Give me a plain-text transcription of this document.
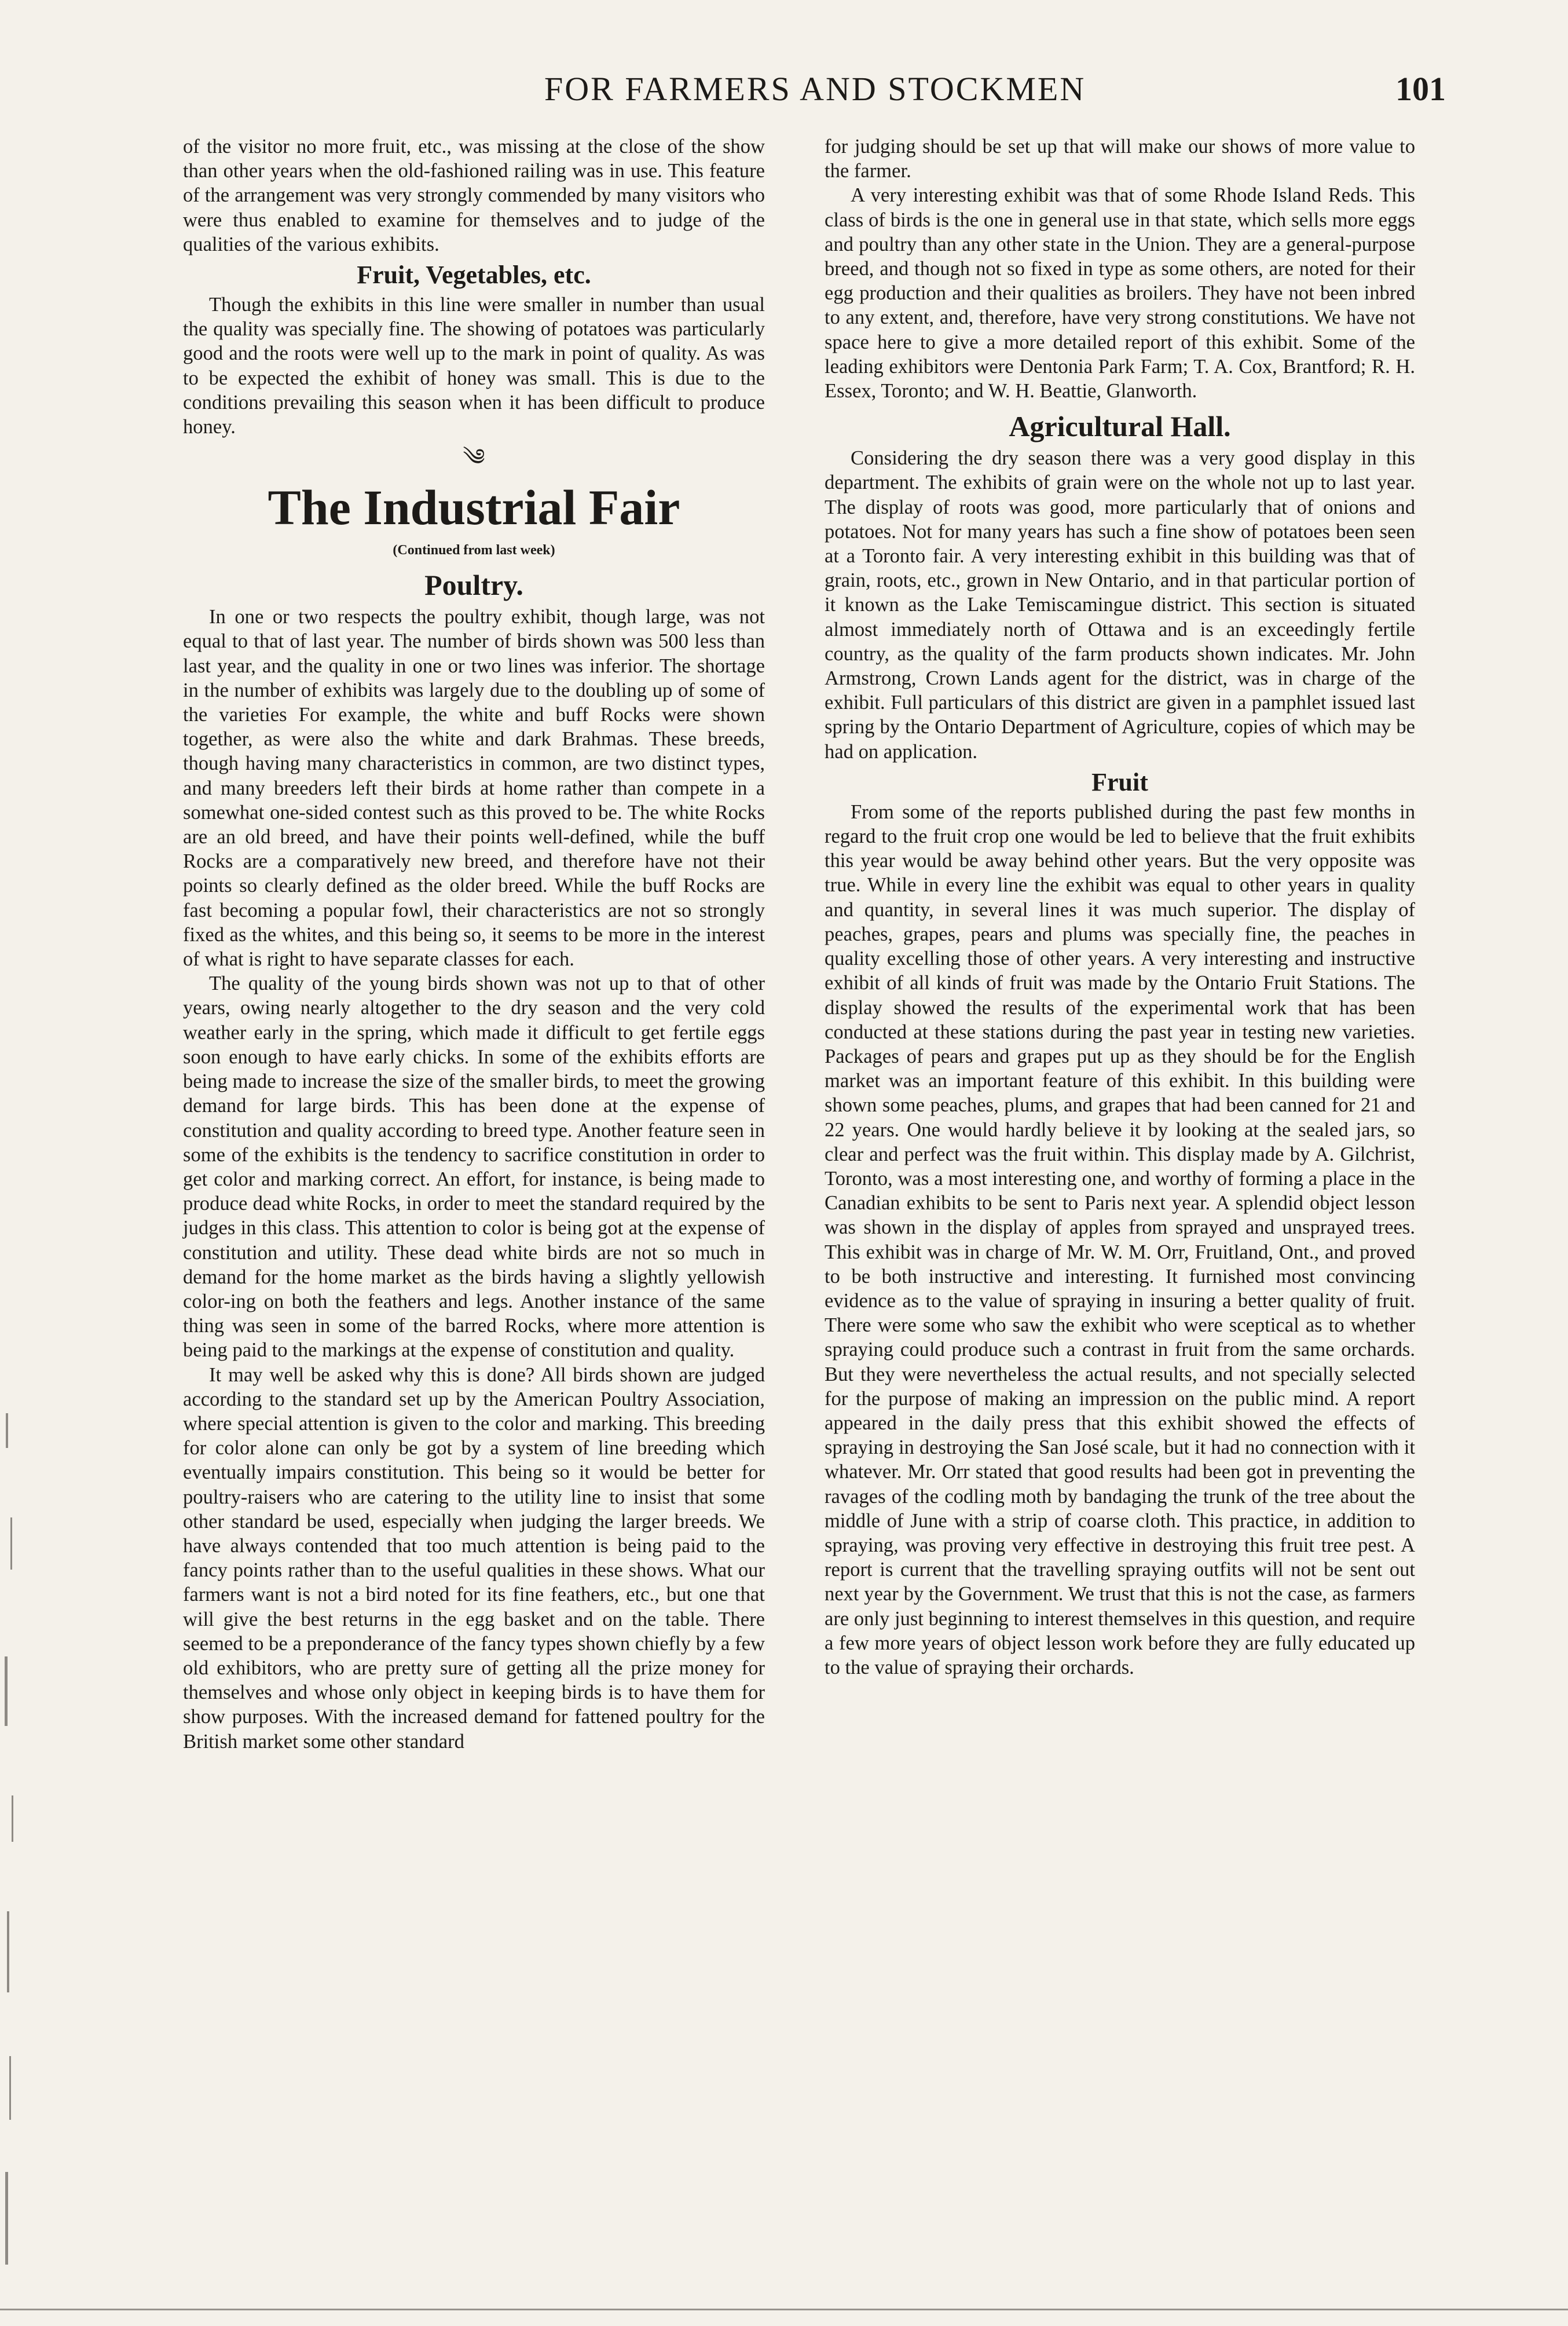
FOR FARMERS AND STOCKMEN	101

of the visitor no more fruit, etc., was missing at the close of the show than other years when the old-fashioned railing was in use. This feature of the arrangement was very strongly commended by many visitors who were thus enabled to examine for themselves and to judge of the qualities of the various exhibits.

Fruit, Vegetables, etc.

Though the exhibits in this line were smaller in number than usual the quality was specially fine. The showing of potatoes was particularly good and the roots were well up to the mark in point of quality. As was to be expected the exhibit of honey was small. This is due to the conditions prevailing this season when it has been difficult to produce honey.

༄
The Industrial Fair
(Continued from last week)
Poultry.

In one or two respects the poultry exhibit, though large, was not equal to that of last year. The number of birds shown was 500 less than last year, and the quality in one or two lines was inferior. The shortage in the number of exhibits was largely due to the doubling up of some of the varieties For example, the white and buff Rocks were shown together, as were also the white and dark Brahmas. These breeds, though having many characteristics in common, are two distinct types, and many breeders left their birds at home rather than compete in a somewhat one-sided contest such as this proved to be. The white Rocks are an old breed, and have their points well-defined, while the buff Rocks are a comparatively new breed, and therefore have not their points so clearly defined as the older breed. While the buff Rocks are fast becoming a popular fowl, their characteristics are not so strongly fixed as the whites, and this being so, it seems to be more in the interest of what is right to have separate classes for each.

The quality of the young birds shown was not up to that of other years, owing nearly altogether to the dry season and the very cold weather early in the spring, which made it difficult to get fertile eggs soon enough to have early chicks. In some of the exhibits efforts are being made to increase the size of the smaller birds, to meet the growing demand for large birds. This has been done at the expense of constitution and quality according to breed type. Another feature seen in some of the exhibits is the tendency to sacrifice constitution in order to get color and marking correct. An effort, for instance, is being made to produce dead white Rocks, in order to meet the standard required by the judges in this class. This attention to color is being got at the expense of constitution and utility. These dead white birds are not so much in demand for the home market as the birds having a slightly yellowish color-ing on both the feathers and legs. Another instance of the same thing was seen in some of the barred Rocks, where more attention is being paid to the markings at the expense of constitution and quality.

It may well be asked why this is done? All birds shown are judged according to the standard set up by the American Poultry Association, where special attention is given to the color and marking. This breeding for color alone can only be got by a system of line breeding which eventually impairs constitution. This being so it would be better for poultry-raisers who are catering to the utility line to insist that some other standard be used, especially when judging the larger breeds. We have always contended that too much attention is being paid to the fancy points rather than to the useful qualities in these shows. What our farmers want is not a bird noted for its fine feathers, etc., but one that will give the best returns in the egg basket and on the table. There seemed to be a preponderance of the fancy types shown chiefly by a few old exhibitors, who are pretty sure of getting all the prize money for themselves and whose only object in keeping birds is to have them for show purposes. With the increased demand for fattened poultry for the British market some other standard

for judging should be set up that will make our shows of more value to the farmer.

A very interesting exhibit was that of some Rhode Island Reds. This class of birds is the one in general use in that state, which sells more eggs and poultry than any other state in the Union. They are a general-purpose breed, and though not so fixed in type as some others, are noted for their egg production and their qualities as broilers. They have not been inbred to any extent, and, therefore, have very strong constitutions. We have not space here to give a more detailed report of this exhibit. Some of the leading exhibitors were Dentonia Park Farm; T. A. Cox, Brantford; R. H. Essex, Toronto; and W. H. Beattie, Glanworth.

Agricultural Hall.

Considering the dry season there was a very good display in this department. The exhibits of grain were on the whole not up to last year. The display of roots was good, more particularly that of onions and potatoes. Not for many years has such a fine show of potatoes been seen at a Toronto fair. A very interesting exhibit in this building was that of grain, roots, etc., grown in New Ontario, and in that particular portion of it known as the Lake Temiscamingue district. This section is situated almost immediately north of Ottawa and is an exceedingly fertile country, as the quality of the farm products shown indicates. Mr. John Armstrong, Crown Lands agent for the district, was in charge of the exhibit. Full particulars of this district are given in a pamphlet issued last spring by the Ontario Department of Agriculture, copies of which may be had on application.

Fruit

From some of the reports published during the past few months in regard to the fruit crop one would be led to believe that the fruit exhibits this year would be away behind other years. But the very opposite was true. While in every line the exhibit was equal to other years in quality and quantity, in several lines it was much superior. The display of peaches, grapes, pears and plums was specially fine, the peaches in quality excelling those of other years. A very interesting and instructive exhibit of all kinds of fruit was made by the Ontario Fruit Stations. The display showed the results of the experimental work that has been conducted at these stations during the past year in testing new varieties. Packages of pears and grapes put up as they should be for the English market was an important feature of this exhibit. In this building were shown some peaches, plums, and grapes that had been canned for 21 and 22 years. One would hardly believe it by looking at the sealed jars, so clear and perfect was the fruit within. This display made by A. Gilchrist, Toronto, was a most interesting one, and worthy of forming a place in the Canadian exhibits to be sent to Paris next year. A splendid object lesson was shown in the display of apples from sprayed and unsprayed trees. This exhibit was in charge of Mr. W. M. Orr, Fruitland, Ont., and proved to be both instructive and interesting. It furnished most convincing evidence as to the value of spraying in insuring a better quality of fruit. There were some who saw the exhibit who were sceptical as to whether spraying could produce such a contrast in fruit from the same orchards. But they were nevertheless the actual results, and not specially selected for the purpose of making an impression on the public mind. A report appeared in the daily press that this exhibit showed the effects of spraying in destroying the San José scale, but it had no connection with it whatever. Mr. Orr stated that good results had been got in preventing the ravages of the codling moth by bandaging the trunk of the tree about the middle of June with a strip of coarse cloth. This practice, in addition to spraying, was proving very effective in destroying this fruit tree pest. A report is current that the travelling spraying outfits will not be sent out next year by the Government. We trust that this is not the case, as farmers are only just beginning to interest themselves in this question, and require a few more years of object lesson work before they are fully educated up to the value of spraying their orchards.
